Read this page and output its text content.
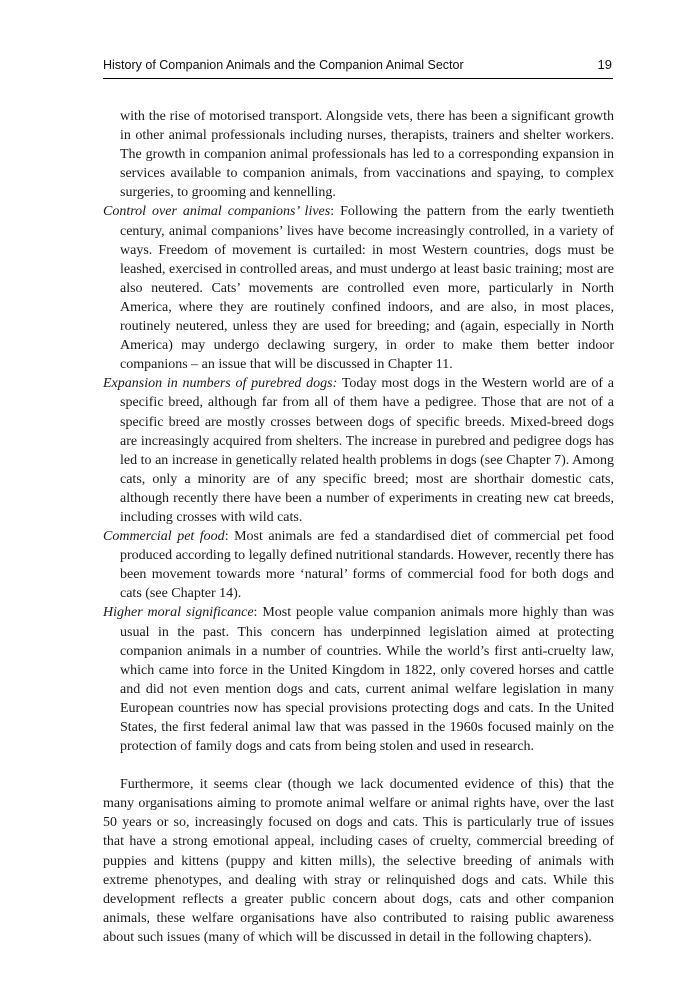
History of Companion Animals and the Companion Animal Sector	19

with the rise of motorised transport. Alongside vets, there has been a significant growth in other animal professionals including nurses, therapists, trainers and shelter workers. The growth in companion animal professionals has led to a corresponding expansion in services available to companion animals, from vaccinations and spaying, to complex surgeries, to grooming and kennelling.

Control over animal companions’ lives: Following the pattern from the early twentieth century, animal companions’ lives have become increasingly controlled, in a variety of ways. Freedom of movement is curtailed: in most Western countries, dogs must be leashed, exercised in controlled areas, and must undergo at least basic training; most are also neutered. Cats’ movements are controlled even more, particularly in North America, where they are routinely confined indoors, and are also, in most places, routinely neutered, unless they are used for breeding; and (again, especially in North America) may undergo declawing surgery, in order to make them better indoor companions – an issue that will be discussed in Chapter 11.

Expansion in numbers of purebred dogs: Today most dogs in the Western world are of a specific breed, although far from all of them have a pedigree. Those that are not of a specific breed are mostly crosses between dogs of specific breeds. Mixed-breed dogs are increasingly acquired from shelters. The increase in purebred and pedigree dogs has led to an increase in genetically related health problems in dogs (see Chapter 7). Among cats, only a minority are of any specific breed; most are shorthair domestic cats, although recently there have been a number of experiments in creating new cat breeds, including crosses with wild cats.

Commercial pet food: Most animals are fed a standardised diet of commercial pet food produced according to legally defined nutritional standards. However, recently there has been movement towards more ‘natural’ forms of commercial food for both dogs and cats (see Chapter 14).

Higher moral significance: Most people value companion animals more highly than was usual in the past. This concern has underpinned legislation aimed at protecting companion animals in a number of countries. While the world’s first anti-cruelty law, which came into force in the United Kingdom in 1822, only covered horses and cattle and did not even mention dogs and cats, current animal welfare legislation in many European countries now has special provisions protecting dogs and cats. In the United States, the first federal animal law that was passed in the 1960s focused mainly on the protection of family dogs and cats from being stolen and used in research.

Furthermore, it seems clear (though we lack documented evidence of this) that the many organisations aiming to promote animal welfare or animal rights have, over the last 50 years or so, increasingly focused on dogs and cats. This is particularly true of issues that have a strong emotional appeal, including cases of cruelty, commercial breeding of puppies and kittens (puppy and kitten mills), the selective breeding of animals with extreme phenotypes, and dealing with stray or relinquished dogs and cats. While this development reflects a greater public concern about dogs, cats and other companion animals, these welfare organisations have also contributed to raising public awareness about such issues (many of which will be discussed in detail in the following chapters).
